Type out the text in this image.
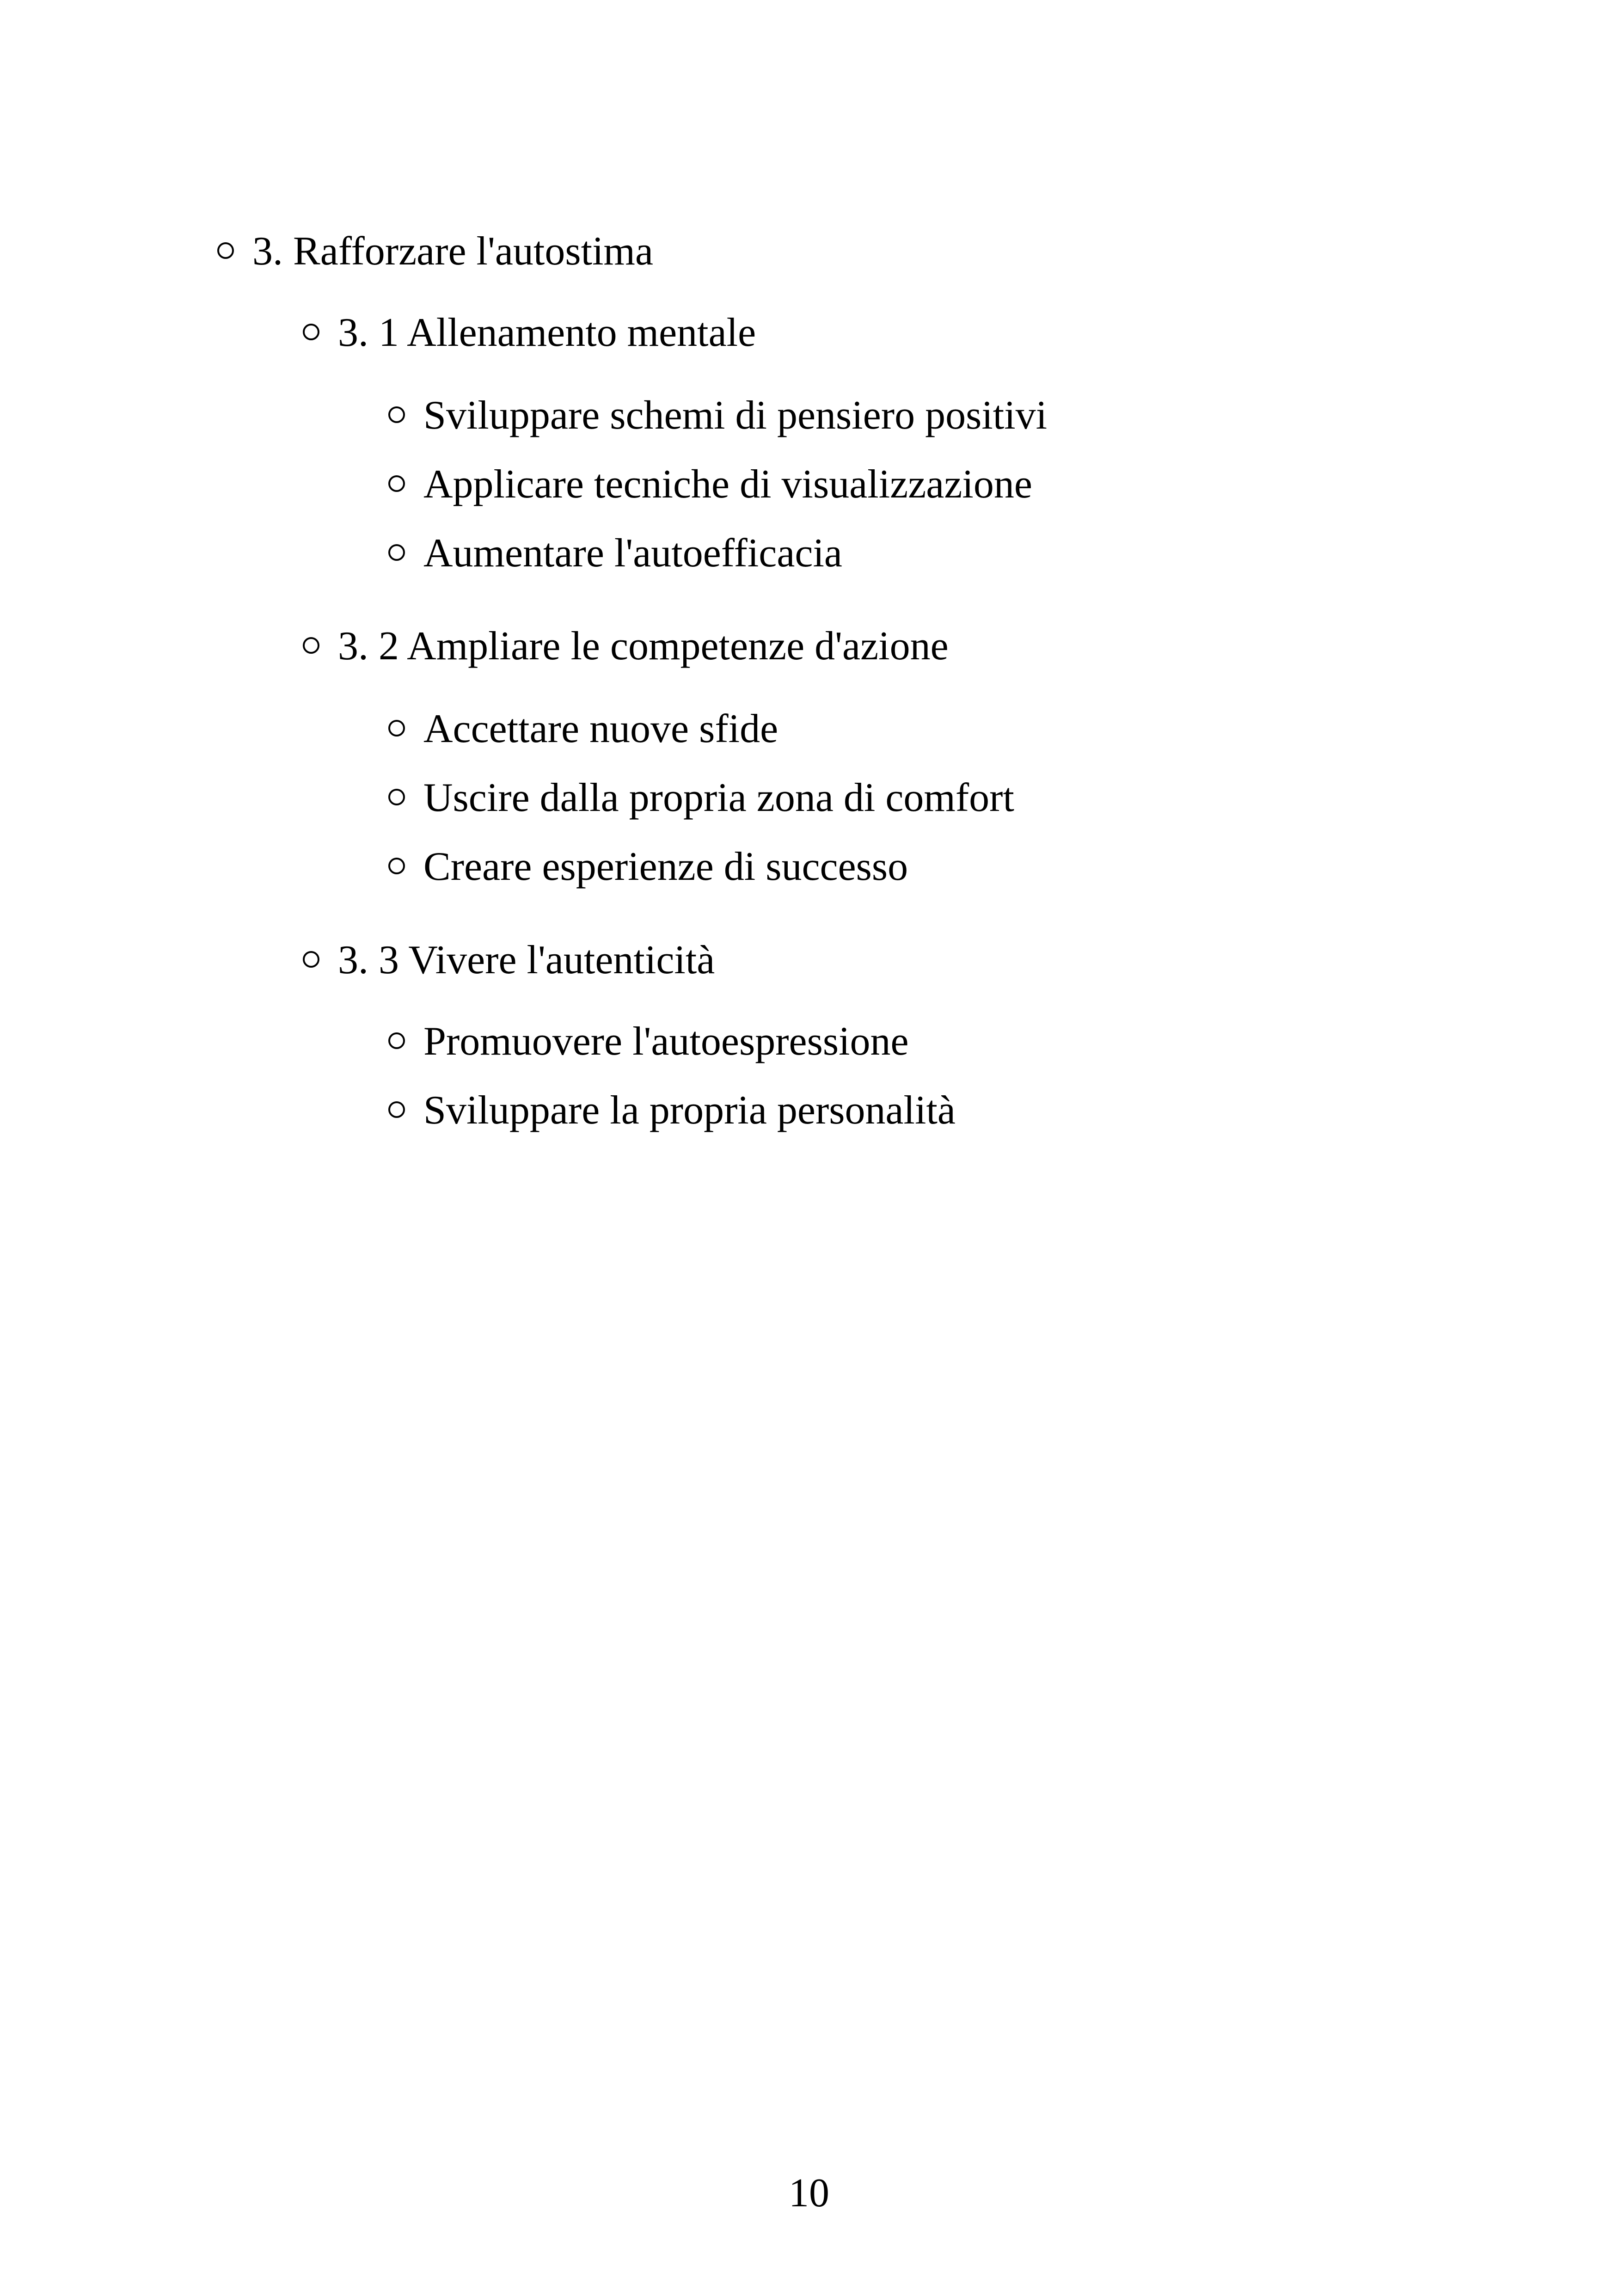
3. Rafforzare l'autostima
3. 1 Allenamento mentale
Sviluppare schemi di pensiero positivi
Applicare tecniche di visualizzazione
Aumentare l'autoefficacia
3. 2 Ampliare le competenze d'azione
Accettare nuove sfide
Uscire dalla propria zona di comfort
Creare esperienze di successo
3. 3 Vivere l'autenticità
Promuovere l'autoespressione
Sviluppare la propria personalità
10
